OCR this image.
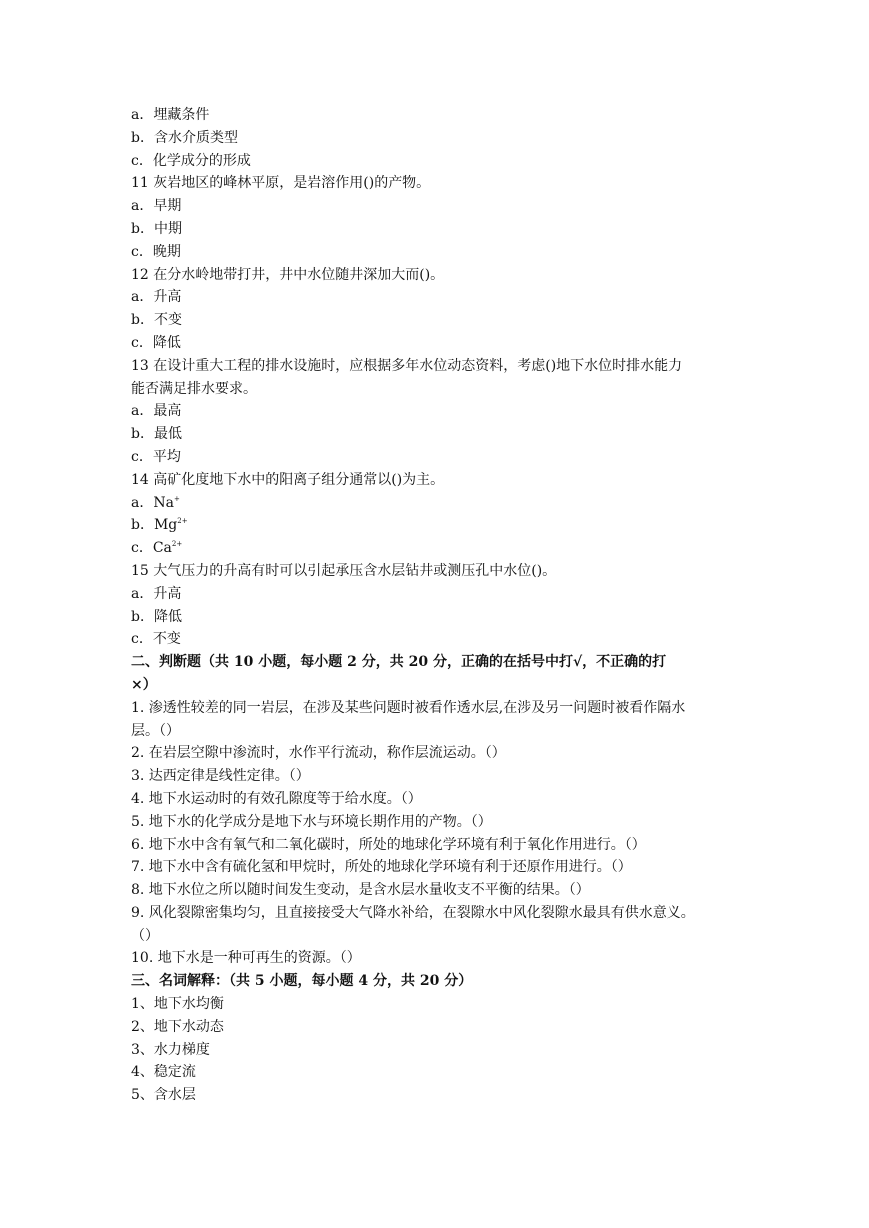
a．埋藏条件
b．含水介质类型
c．化学成分的形成
11 灰岩地区的峰林平原，是岩溶作用()的产物。
a．早期
b．中期
c．晚期
12 在分水岭地带打井，井中水位随井深加大而()。
a．升高
b．不变
c．降低
13 在设计重大工程的排水设施时，应根据多年水位动态资料，考虑()地下水位时排水能力
能否满足排水要求。
a．最高
b．最低
c．平均
14 高矿化度地下水中的阳离子组分通常以()为主。
a．Na+
b．$Mg^{2+}$
c．$Ca^{2+}$
15 大气压力的升高有时可以引起承压含水层钻井或测压孔中水位()。
a．升高
b．降低
c．不变
二、判断题（共 10 小题，每小题 2 分，共 20 分，正确的在括号中打√，不正确的打
×）
1. 渗透性较差的同一岩层，在涉及某些问题时被看作透水层,在涉及另一问题时被看作隔水
层。（）
2. 在岩层空隙中渗流时，水作平行流动，称作层流运动。（）
3. 达西定律是线性定律。（）
4. 地下水运动时的有效孔隙度等于给水度。（）
5. 地下水的化学成分是地下水与环境长期作用的产物。（）
6. 地下水中含有氧气和二氧化碳时，所处的地球化学环境有利于氧化作用进行。（）
7. 地下水中含有硫化氢和甲烷时，所处的地球化学环境有利于还原作用进行。（）
8. 地下水位之所以随时间发生变动，是含水层水量收支不平衡的结果。（）
9. 风化裂隙密集均匀，且直接接受大气降水补给，在裂隙水中风化裂隙水最具有供水意义。
（）
10. 地下水是一种可再生的资源。（）
三、名词解释：（共 5 小题，每小题 4 分，共 20 分）
1、地下水均衡
2、地下水动态
3、水力梯度
4、稳定流
5、含水层
